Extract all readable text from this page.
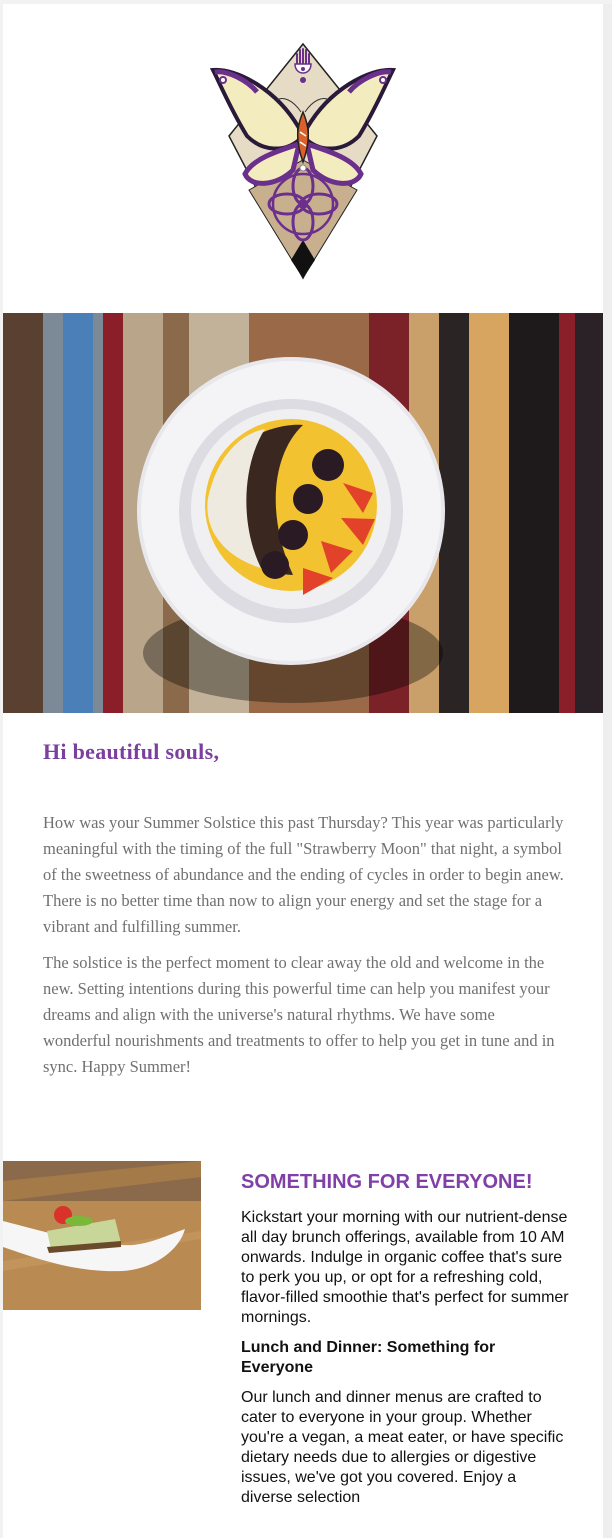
Hi beautiful souls,

How was your Summer Solstice this past Thursday? This year was particularly meaningful with the timing of the full "Strawberry Moon" that night, a symbol of the sweetness of abundance and the ending of cycles in order to begin anew. There is no better time than now to align your energy and set the stage for a vibrant and fulfilling summer.

The solstice is the perfect moment to clear away the old and welcome in the new. Setting intentions during this powerful time can help you manifest your dreams and align with the universe's natural rhythms. We have some wonderful nourishments and treatments to offer to help you get in tune and in sync. Happy Summer!

SOMETHING FOR EVERYONE!

Kickstart your morning with our nutrient-dense all day brunch offerings, available from 10 AM onwards. Indulge in organic coffee that's sure to perk you up, or opt for a refreshing cold, flavor-filled smoothie that's perfect for summer mornings.

Lunch and Dinner: Something for Everyone

Our lunch and dinner menus are crafted to cater to everyone in your group. Whether you're a vegan, a meat eater, or have specific dietary needs due to allergies or digestive issues, we've got you covered. Enjoy a diverse selection
